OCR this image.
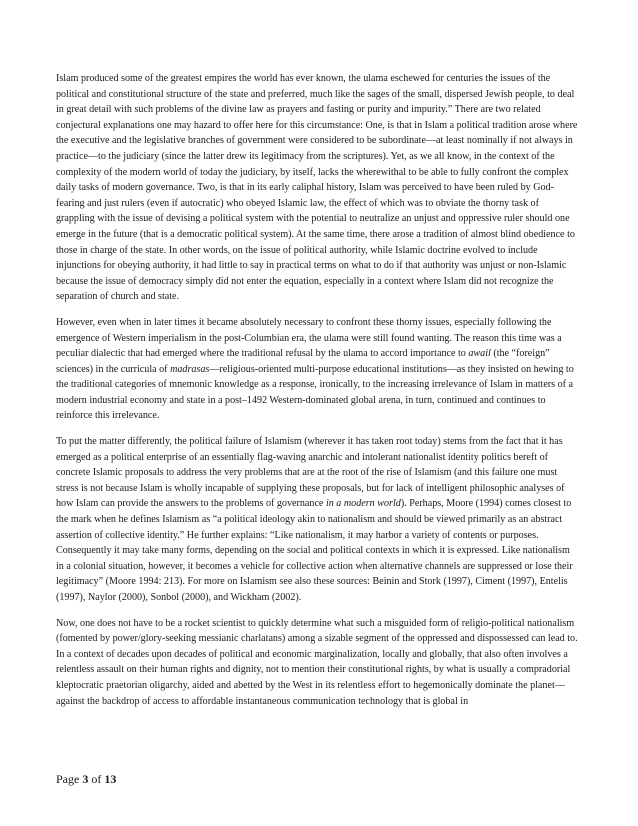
Islam produced some of the greatest empires the world has ever known, the ulama eschewed for centuries the issues of the political and constitutional structure of the state and preferred, much like the sages of the small, dispersed Jewish people, to deal in great detail with such problems of the divine law as prayers and fasting or purity and impurity.” There are two related conjectural explanations one may hazard to offer here for this circumstance: One, is that in Islam a political tradition arose where the executive and the legislative branches of government were considered to be subordinate—at least nominally if not always in practice—to the judiciary (since the latter drew its legitimacy from the scriptures). Yet, as we all know, in the context of the complexity of the modern world of today the judiciary, by itself, lacks the wherewithal to be able to fully confront the complex daily tasks of modern governance. Two, is that in its early caliphal history, Islam was perceived to have been ruled by God-fearing and just rulers (even if autocratic) who obeyed Islamic law, the effect of which was to obviate the thorny task of grappling with the issue of devising a political system with the potential to neutralize an unjust and oppressive ruler should one emerge in the future (that is a democratic political system). At the same time, there arose a tradition of almost blind obedience to those in charge of the state. In other words, on the issue of political authority, while Islamic doctrine evolved to include injunctions for obeying authority, it had little to say in practical terms on what to do if that authority was unjust or non-Islamic because the issue of democracy simply did not enter the equation, especially in a context where Islam did not recognize the separation of church and state.

However, even when in later times it became absolutely necessary to confront these thorny issues, especially following the emergence of Western imperialism in the post-Columbian era, the ulama were still found wanting. The reason this time was a peculiar dialectic that had emerged where the traditional refusal by the ulama to accord importance to awail (the “foreign” sciences) in the curricula of madrasas—religious-oriented multi-purpose educational institutions—as they insisted on hewing to the traditional categories of mnemonic knowledge as a response, ironically, to the increasing irrelevance of Islam in matters of a modern industrial economy and state in a post–1492 Western-dominated global arena, in turn, continued and continues to reinforce this irrelevance.

To put the matter differently, the political failure of Islamism (wherever it has taken root today) stems from the fact that it has emerged as a political enterprise of an essentially flag-waving anarchic and intolerant nationalist identity politics bereft of concrete Islamic proposals to address the very problems that are at the root of the rise of Islamism (and this failure one must stress is not because Islam is wholly incapable of supplying these proposals, but for lack of intelligent philosophic analyses of how Islam can provide the answers to the problems of governance in a modern world). Perhaps, Moore (1994) comes closest to the mark when he defines Islamism as “a political ideology akin to nationalism and should be viewed primarily as an abstract assertion of collective identity.” He further explains: “Like nationalism, it may harbor a variety of contents or purposes. Consequently it may take many forms, depending on the social and political contexts in which it is expressed. Like nationalism in a colonial situation, however, it becomes a vehicle for collective action when alternative channels are suppressed or lose their legitimacy” (Moore 1994: 213). For more on Islamism see also these sources: Beinin and Stork (1997), Ciment (1997), Entelis (1997), Naylor (2000), Sonbol (2000), and Wickham (2002).

Now, one does not have to be a rocket scientist to quickly determine what such a misguided form of religio-political nationalism (fomented by power/glory-seeking messianic charlatans) among a sizable segment of the oppressed and dispossessed can lead to. In a context of decades upon decades of political and economic marginalization, locally and globally, that also often involves a relentless assault on their human rights and dignity, not to mention their constitutional rights, by what is usually a compradorial kleptocratic praetorian oligarchy, aided and abetted by the West in its relentless effort to hegemonically dominate the planet—against the backdrop of access to affordable instantaneous communication technology that is global in

Page 3 of 13
